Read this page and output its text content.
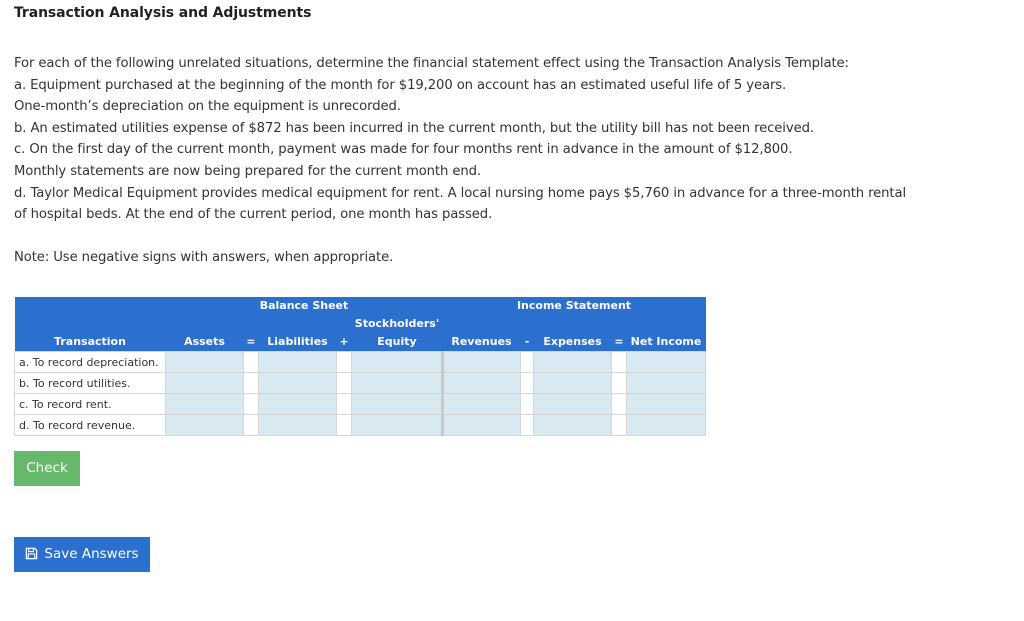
Transaction Analysis and Adjustments
For each of the following unrelated situations, determine the financial statement effect using the Transaction Analysis Template:
a. Equipment purchased at the beginning of the month for $19,200 on account has an estimated useful life of 5 years.
One-month’s depreciation on the equipment is unrecorded.
b. An estimated utilities expense of $872 has been incurred in the current month, but the utility bill has not been received.
c. On the first day of the current month, payment was made for four months rent in advance in the amount of $12,800.
Monthly statements are now being prepared for the current month end.
d. Taylor Medical Equipment provides medical equipment for rent. A local nursing home pays $5,760 in advance for a three-month rental
of hospital beds. At the end of the current period, one month has passed.
Note: Use negative signs with answers, when appropriate.
	Balance Sheet					Income Statement				
					Stockholders'					
Transaction	Assets	=	Liabilities	+	Equity	Revenues	-	Expenses	=	Net Income
a. To record depreciation.										
b. To record utilities.										
c. To record rent.										
d. To record revenue.										
Check
Save Answers
